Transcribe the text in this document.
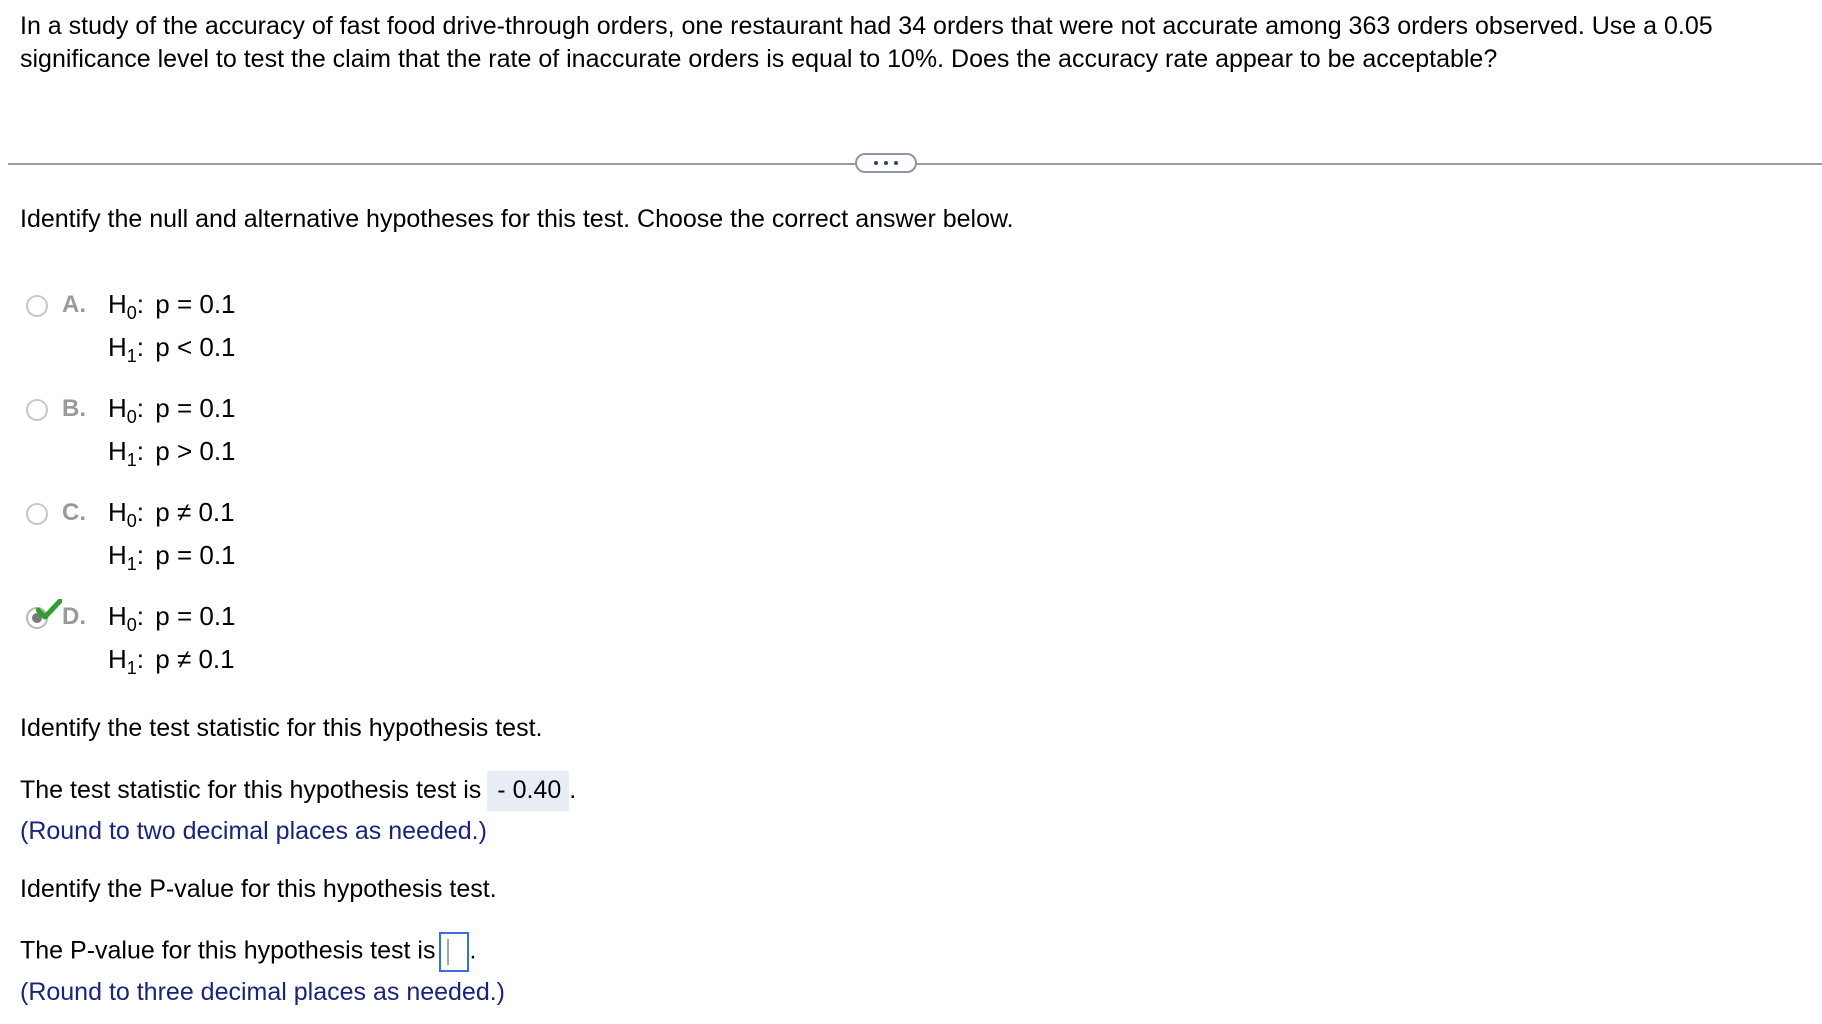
In a study of the accuracy of fast food drive-through orders, one restaurant had 34 orders that were not accurate among 363 orders observed. Use a 0.05 significance level to test the claim that the rate of inaccurate orders is equal to 10%. Does the accuracy rate appear to be acceptable?
Identify the null and alternative hypotheses for this test. Choose the correct answer below.
A. $H_0$: p = 0.1
$H_1$: p < 0.1
B. $H_0$: p = 0.1
$H_1$: p > 0.1
C. $H_0$: p ≠ 0.1
$H_1$: p = 0.1
D. $H_0$: p = 0.1
$H_1$: p ≠ 0.1
Identify the test statistic for this hypothesis test.
The test statistic for this hypothesis test is - 0.40 .
(Round to two decimal places as needed.)
Identify the P-value for this hypothesis test.
The P-value for this hypothesis test is .
(Round to three decimal places as needed.)
